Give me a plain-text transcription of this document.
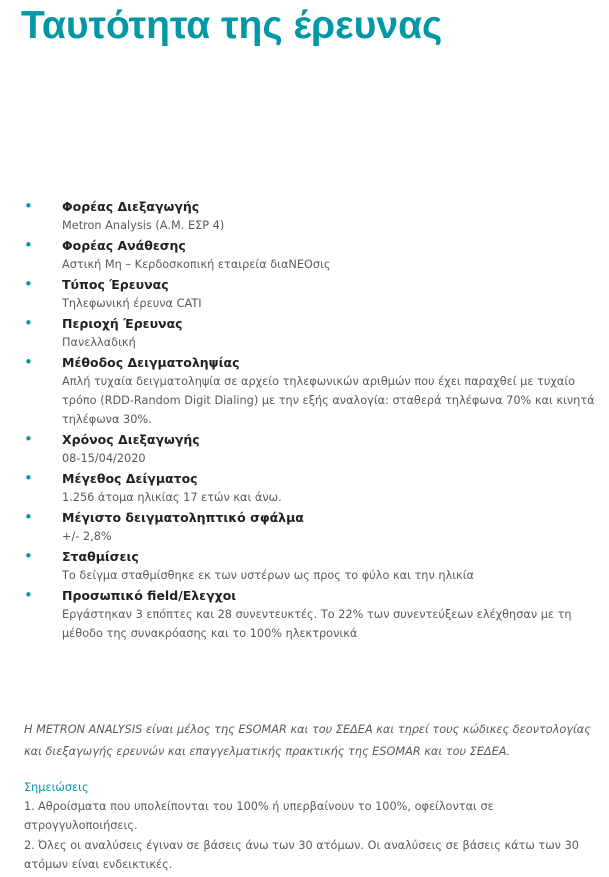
Ταυτότητα της έρευνας
• Φορέας Διεξαγωγής
Metron Analysis (Α.Μ. ΕΣΡ 4)
• Φορέας Ανάθεσης
Αστική Mη – Κερδοσκοπική εταιρεία διαΝΕΟσις
• Τύπος Έρευνας
Τηλεφωνική έρευνα CATI
• Περιοχή Έρευνας
Πανελλαδική
• Μέθοδος Δειγματοληψίας
Απλή τυχαία δειγματοληψία σε αρχείο τηλεφωνικών αριθμών που έχει παραχθεί με τυχαίο τρόπο (RDD-Random Digit Dialing) με την εξής αναλογία: σταθερά τηλέφωνα 70% και κινητά τηλέφωνα 30%.
• Χρόνος Διεξαγωγής
08-15/04/2020
• Μέγεθος Δείγματος
1.256 άτομα ηλικίας 17 ετών και άνω.
• Μέγιστο δειγματοληπτικό σφάλμα
+/- 2,8%
• Σταθμίσεις
Το δείγμα σταθμίσθηκε εκ των υστέρων ως προς το φύλο και την ηλικία
• Προσωπικό field/Ελεγχοι
Εργάστηκαν 3 επόπτες και 28 συνεντευκτές. Το 22% των συνεντεύξεων ελέχθησαν με τη μέθοδο της συνακρόασης και το 100% ηλεκτρονικά

Η METRON ANALYSIS είναι μέλος της ESOMAR και του ΣΕΔΕΑ και τηρεί τους κώδικες δεοντολογίας και διεξαγωγής ερευνών και επαγγελματικής πρακτικής της ESOMAR και του ΣΕΔΕΑ.

Σημειώσεις

1. Αθροίσματα που υπολείπονται του 100% ή υπερβαίνουν το 100%, οφείλονται σε στρογγυλοποιήσεις.
2. Όλες οι αναλύσεις έγιναν σε βάσεις άνω των 30 ατόμων. Οι αναλύσεις σε βάσεις κάτω των 30 ατόμων είναι ενδεικτικές.
